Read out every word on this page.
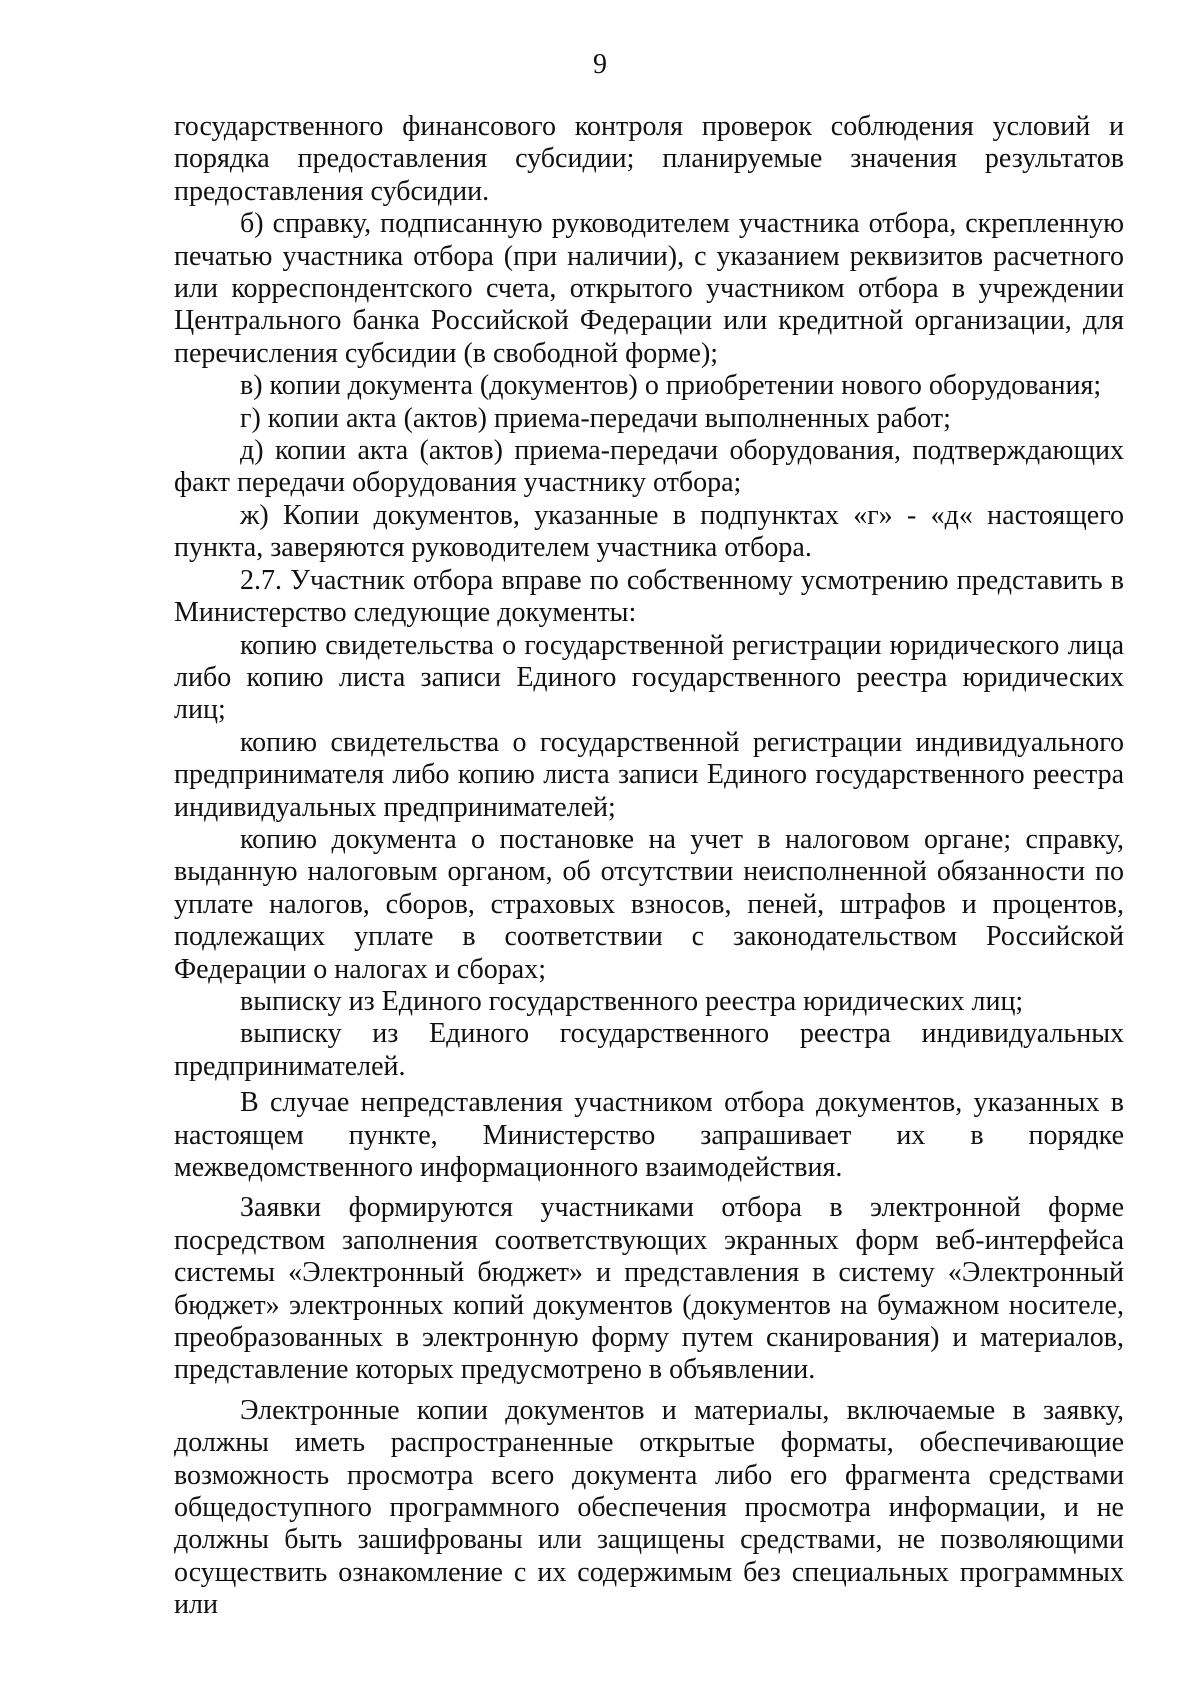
9

государственного финансового контроля проверок соблюдения условий и порядка предоставления субсидии; планируемые значения результатов предоставления субсидии.

б) справку, подписанную руководителем участника отбора, скрепленную печатью участника отбора (при наличии), с указанием реквизитов расчетного или корреспондентского счета, открытого участником отбора в учреждении Центрального банка Российской Федерации или кредитной организации, для перечисления субсидии (в свободной форме);

в) копии документа (документов) о приобретении нового оборудования;

г) копии акта (актов) приема-передачи выполненных работ;

д) копии акта (актов) приема-передачи оборудования, подтверждающих факт передачи оборудования участнику отбора;

ж) Копии документов, указанные в подпунктах «г» - «д« настоящего пункта, заверяются руководителем участника отбора.

2.7. Участник отбора вправе по собственному усмотрению представить в Министерство следующие документы:

копию свидетельства о государственной регистрации юридического лица либо копию листа записи Единого государственного реестра юридических лиц;

копию свидетельства о государственной регистрации индивидуального предпринимателя либо копию листа записи Единого государственного реестра индивидуальных предпринимателей;

копию документа о постановке на учет в налоговом органе; справку, выданную налоговым органом, об отсутствии неисполненной обязанности по уплате налогов, сборов, страховых взносов, пеней, штрафов и процентов, подлежащих уплате в соответствии с законодательством Российской Федерации о налогах и сборах;

выписку из Единого государственного реестра юридических лиц;

выписку из Единого государственного реестра индивидуальных предпринимателей.

В случае непредставления участником отбора документов, указанных в настоящем пункте, Министерство запрашивает их в порядке межведомственного информационного взаимодействия.

Заявки формируются участниками отбора в электронной форме посредством заполнения соответствующих экранных форм веб-интерфейса системы «Электронный бюджет» и представления в систему «Электронный бюджет» электронных копий документов (документов на бумажном носителе, преобразованных в электронную форму путем сканирования) и материалов, представление которых предусмотрено в объявлении.

Электронные копии документов и материалы, включаемые в заявку, должны иметь распространенные открытые форматы, обеспечивающие возможность просмотра всего документа либо его фрагмента средствами общедоступного программного обеспечения просмотра информации, и не должны быть зашифрованы или защищены средствами, не позволяющими осуществить ознакомление с их содержимым без специальных программных или
